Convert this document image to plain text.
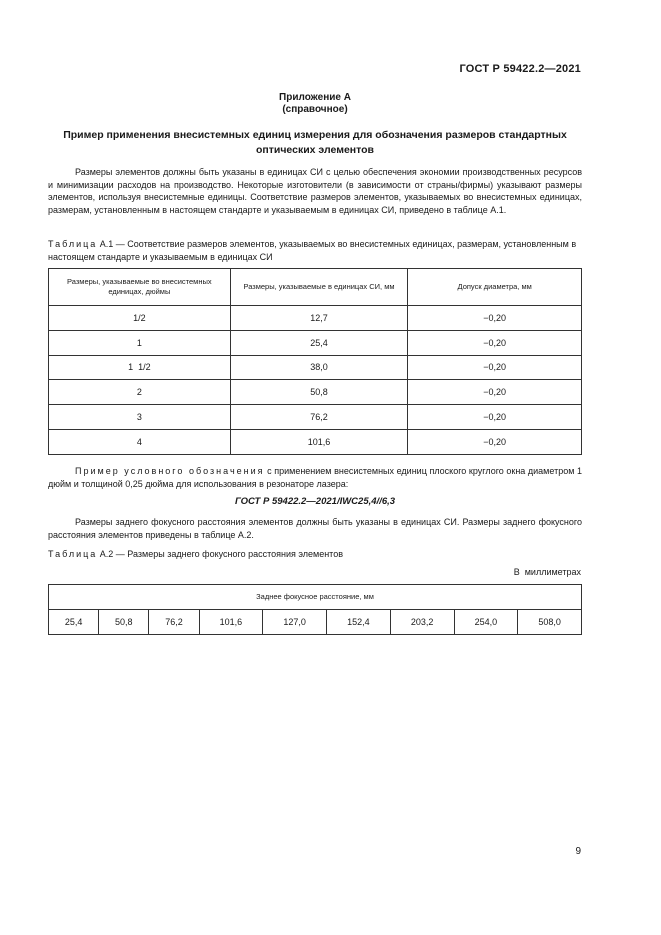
ГОСТ Р 59422.2—2021
Приложение А
(справочное)
Пример применения внесистемных единиц измерения для обозначения размеров стандартных оптических элементов
Размеры элементов должны быть указаны в единицах СИ с целью обеспечения экономии производственных ресурсов и минимизации расходов на производство. Некоторые изготовители (в зависимости от страны/фирмы) указывают размеры элементов, используя внесистемные единицы. Соответствие размеров элементов, указываемых во внесистемных единицах, размерам, установленным в настоящем стандарте и указываемым в единицах СИ, приведено в таблице А.1.
Таблица А.1 — Соответствие размеров элементов, указываемых во внесистемных единицах, размерам, установленным в настоящем стандарте и указываемым в единицах СИ
Размеры, указываемые во внесистемных единицах, дюймы	Размеры, указываемые в единицах СИ, мм	Допуск диаметра, мм
1/2	12,7	−0,20
1	25,4	−0,20
1  1/2	38,0	−0,20
2	50,8	−0,20
3	76,2	−0,20
4	101,6	−0,20
Пример условного обозначения с применением внесистемных единиц плоского круглого окна диаметром 1 дюйм и толщиной 0,25 дюйма для использования в резонаторе лазера:
ГОСТ Р 59422.2—2021/IWC25,4//6,3
Размеры заднего фокусного расстояния элементов должны быть указаны в единицах СИ. Размеры заднего фокусного расстояния элементов приведены в таблице А.2.
Таблица А.2 — Размеры заднего фокусного расстояния элементов
В  миллиметрах
Заднее фокусное расстояние, мм
25,4	50,8	76,2	101,6	127,0	152,4	203,2	254,0	508,0
9
